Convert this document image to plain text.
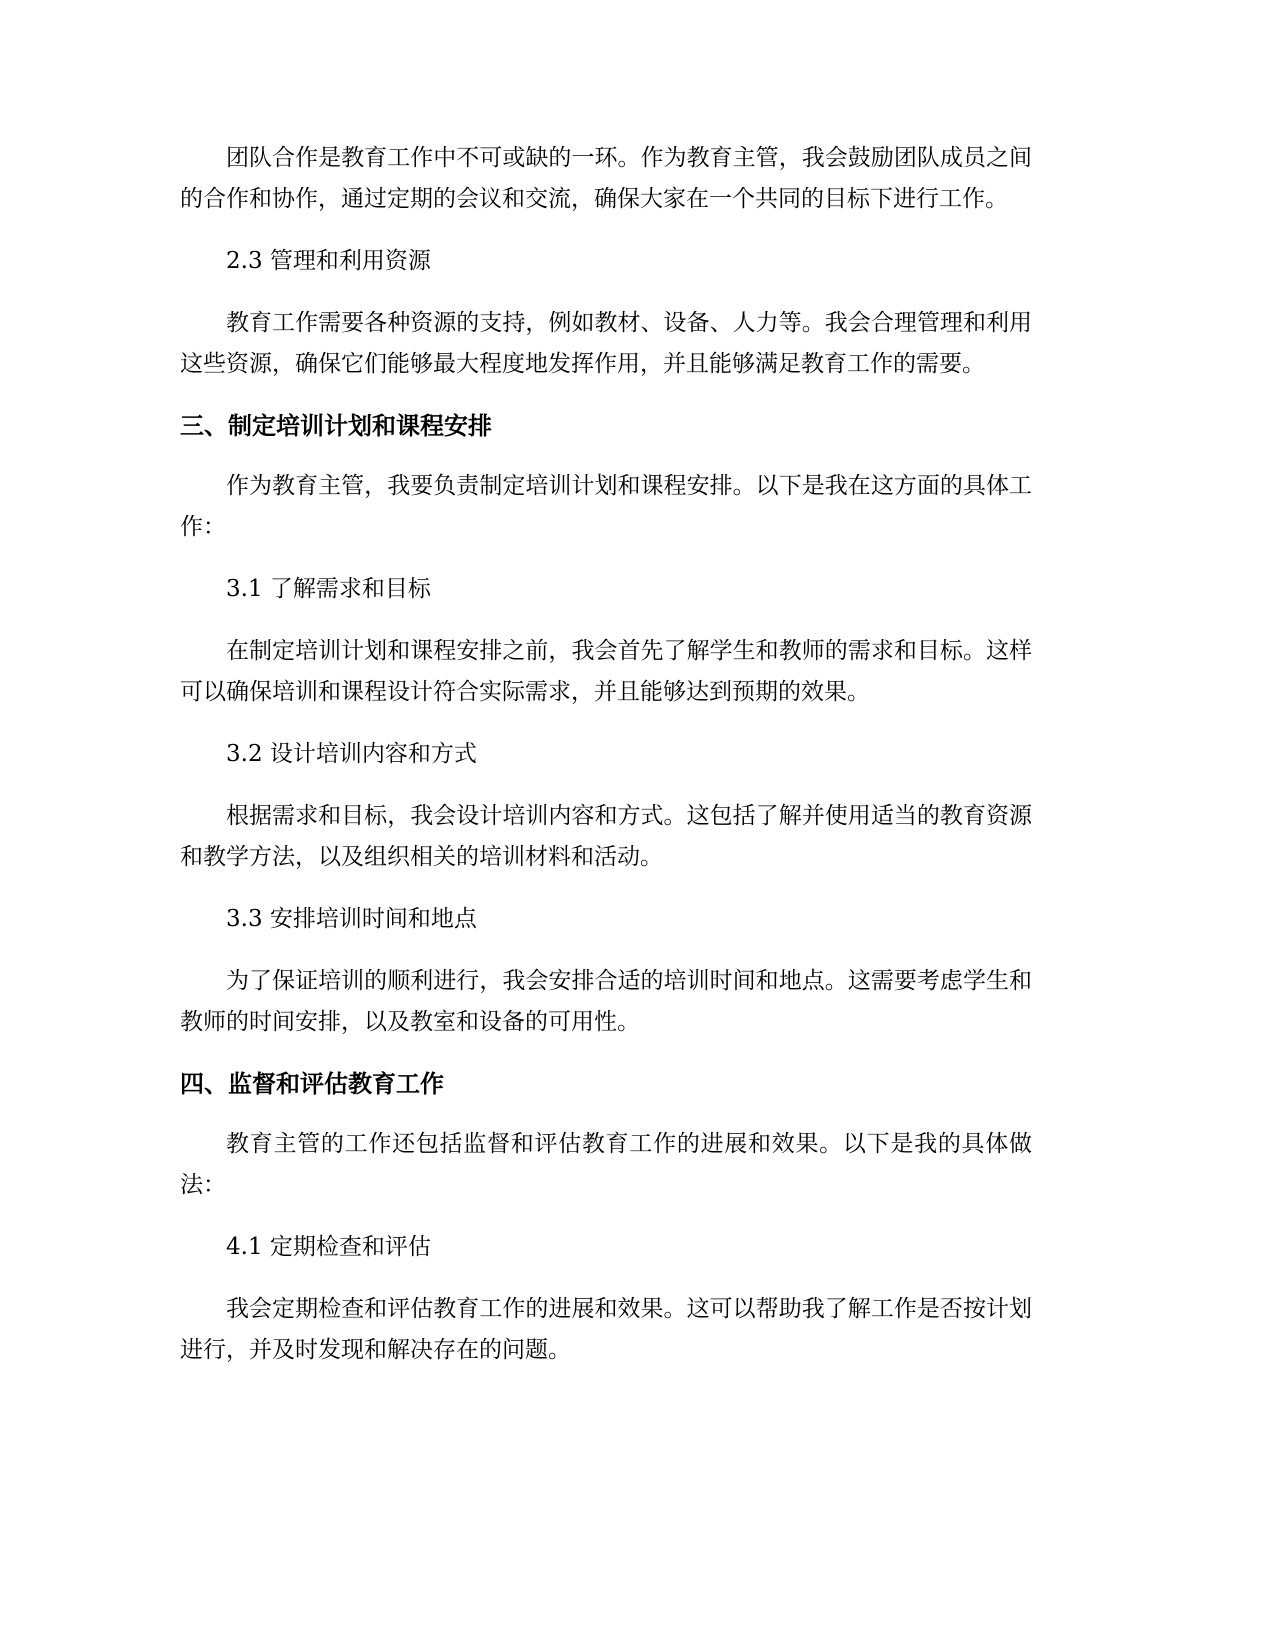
团队合作是教育工作中不可或缺的一环。作为教育主管，我会鼓励团队成员之间的合作和协作，通过定期的会议和交流，确保大家在一个共同的目标下进行工作。

2.3 管理和利用资源

教育工作需要各种资源的支持，例如教材、设备、人力等。我会合理管理和利用这些资源，确保它们能够最大程度地发挥作用，并且能够满足教育工作的需要。

三、制定培训计划和课程安排

作为教育主管，我要负责制定培训计划和课程安排。以下是我在这方面的具体工作：

3.1 了解需求和目标

在制定培训计划和课程安排之前，我会首先了解学生和教师的需求和目标。这样可以确保培训和课程设计符合实际需求，并且能够达到预期的效果。

3.2 设计培训内容和方式

根据需求和目标，我会设计培训内容和方式。这包括了解并使用适当的教育资源和教学方法，以及组织相关的培训材料和活动。

3.3 安排培训时间和地点

为了保证培训的顺利进行，我会安排合适的培训时间和地点。这需要考虑学生和教师的时间安排，以及教室和设备的可用性。

四、监督和评估教育工作

教育主管的工作还包括监督和评估教育工作的进展和效果。以下是我的具体做法：

4.1 定期检查和评估

我会定期检查和评估教育工作的进展和效果。这可以帮助我了解工作是否按计划进行，并及时发现和解决存在的问题。
